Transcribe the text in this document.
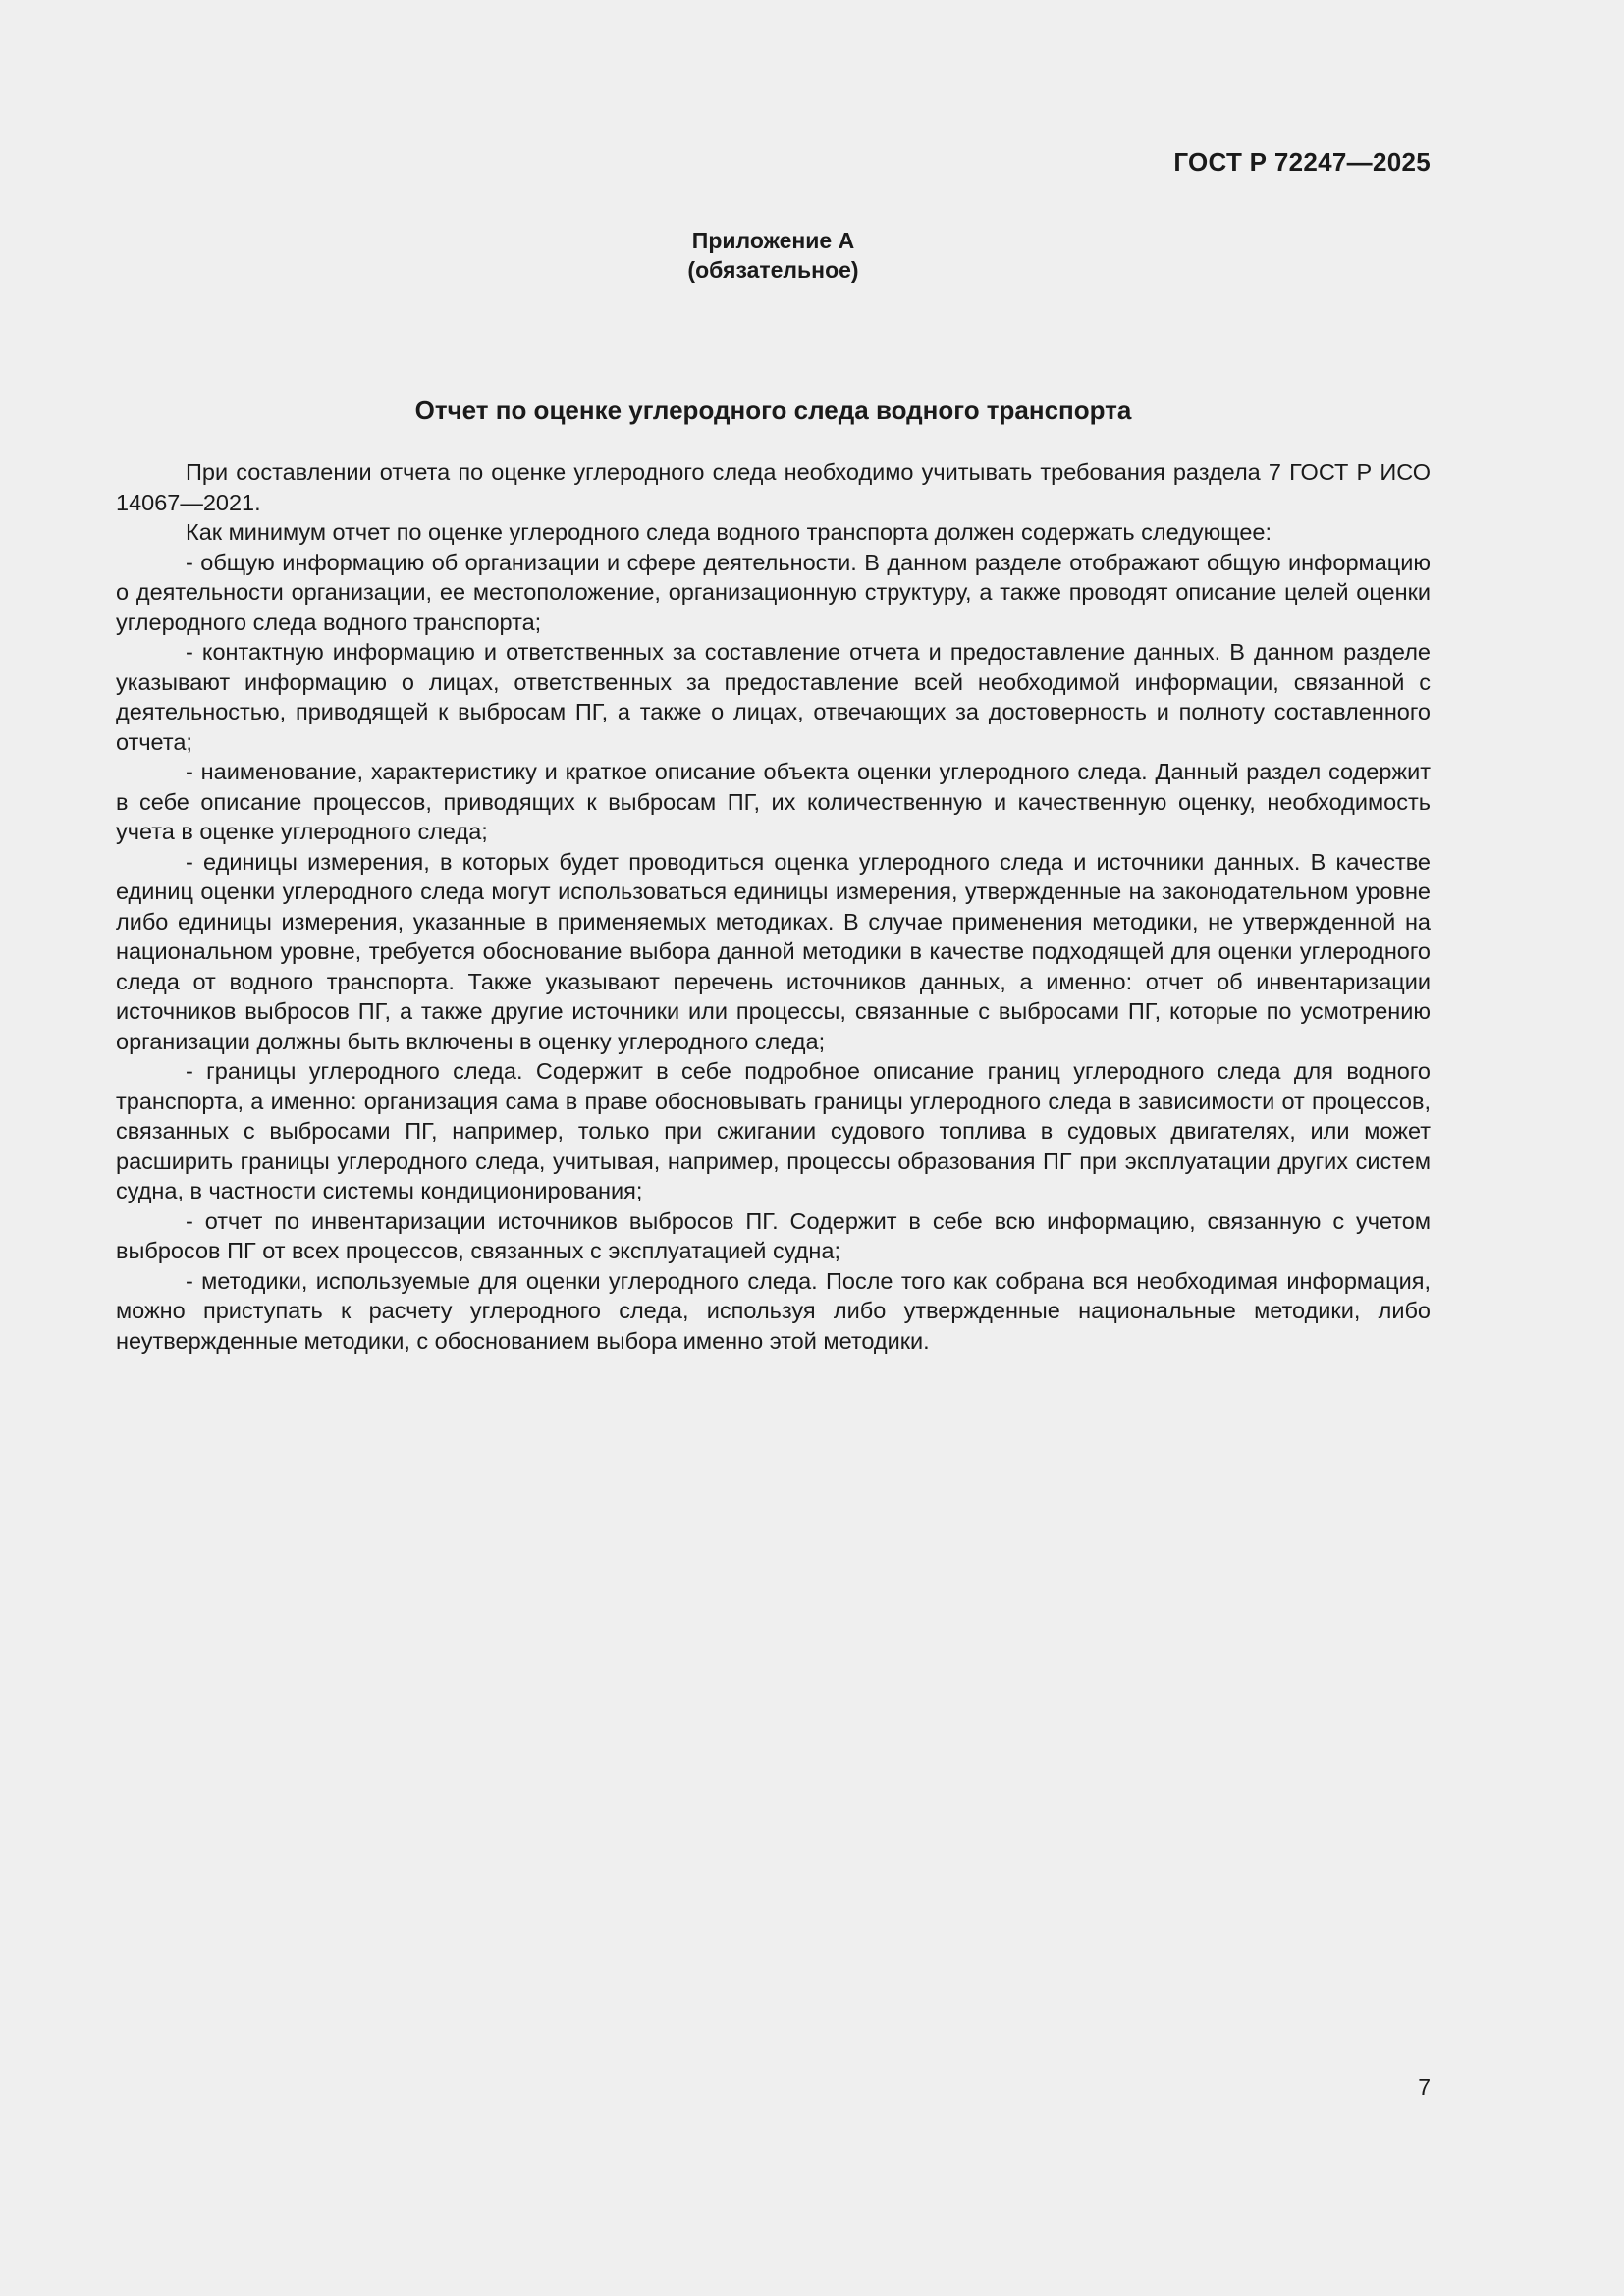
ГОСТ Р 72247—2025
Приложение А
(обязательное)
Отчет по оценке углеродного следа водного транспорта

При составлении отчета по оценке углеродного следа необходимо учитывать требования раздела 7 ГОСТ Р ИСО 14067—2021.

Как минимум отчет по оценке углеродного следа водного транспорта должен содержать следующее:

- общую информацию об организации и сфере деятельности. В данном разделе отображают общую информацию о деятельности организации, ее местоположение, организационную структуру, а также проводят описание целей оценки углеродного следа водного транспорта;

- контактную информацию и ответственных за составление отчета и предоставление данных. В данном разделе указывают информацию о лицах, ответственных за предоставление всей необходимой информации, связанной с деятельностью, приводящей к выбросам ПГ, а также о лицах, отвечающих за достоверность и полноту составленного отчета;

- наименование, характеристику и краткое описание объекта оценки углеродного следа. Данный раздел содержит в себе описание процессов, приводящих к выбросам ПГ, их количественную и качественную оценку, необходимость учета в оценке углеродного следа;

- единицы измерения, в которых будет проводиться оценка углеродного следа и источники данных. В качестве единиц оценки углеродного следа могут использоваться единицы измерения, утвержденные на законодательном уровне либо единицы измерения, указанные в применяемых методиках. В случае применения методики, не утвержденной на национальном уровне, требуется обоснование выбора данной методики в качестве подходящей для оценки углеродного следа от водного транспорта. Также указывают перечень источников данных, а именно: отчет об инвентаризации источников выбросов ПГ, а также другие источники или процессы, связанные с выбросами ПГ, которые по усмотрению организации должны быть включены в оценку углеродного следа;

- границы углеродного следа. Содержит в себе подробное описание границ углеродного следа для водного транспорта, а именно: организация сама в праве обосновывать границы углеродного следа в зависимости от процессов, связанных с выбросами ПГ, например, только при сжигании судового топлива в судовых двигателях, или может расширить границы углеродного следа, учитывая, например, процессы образования ПГ при эксплуатации других систем судна, в частности системы кондиционирования;

- отчет по инвентаризации источников выбросов ПГ. Содержит в себе всю информацию, связанную с учетом выбросов ПГ от всех процессов, связанных с эксплуатацией судна;

- методики, используемые для оценки углеродного следа. После того как собрана вся необходимая информация, можно приступать к расчету углеродного следа, используя либо утвержденные национальные методики, либо неутвержденные методики, с обоснованием выбора именно этой методики.

7
